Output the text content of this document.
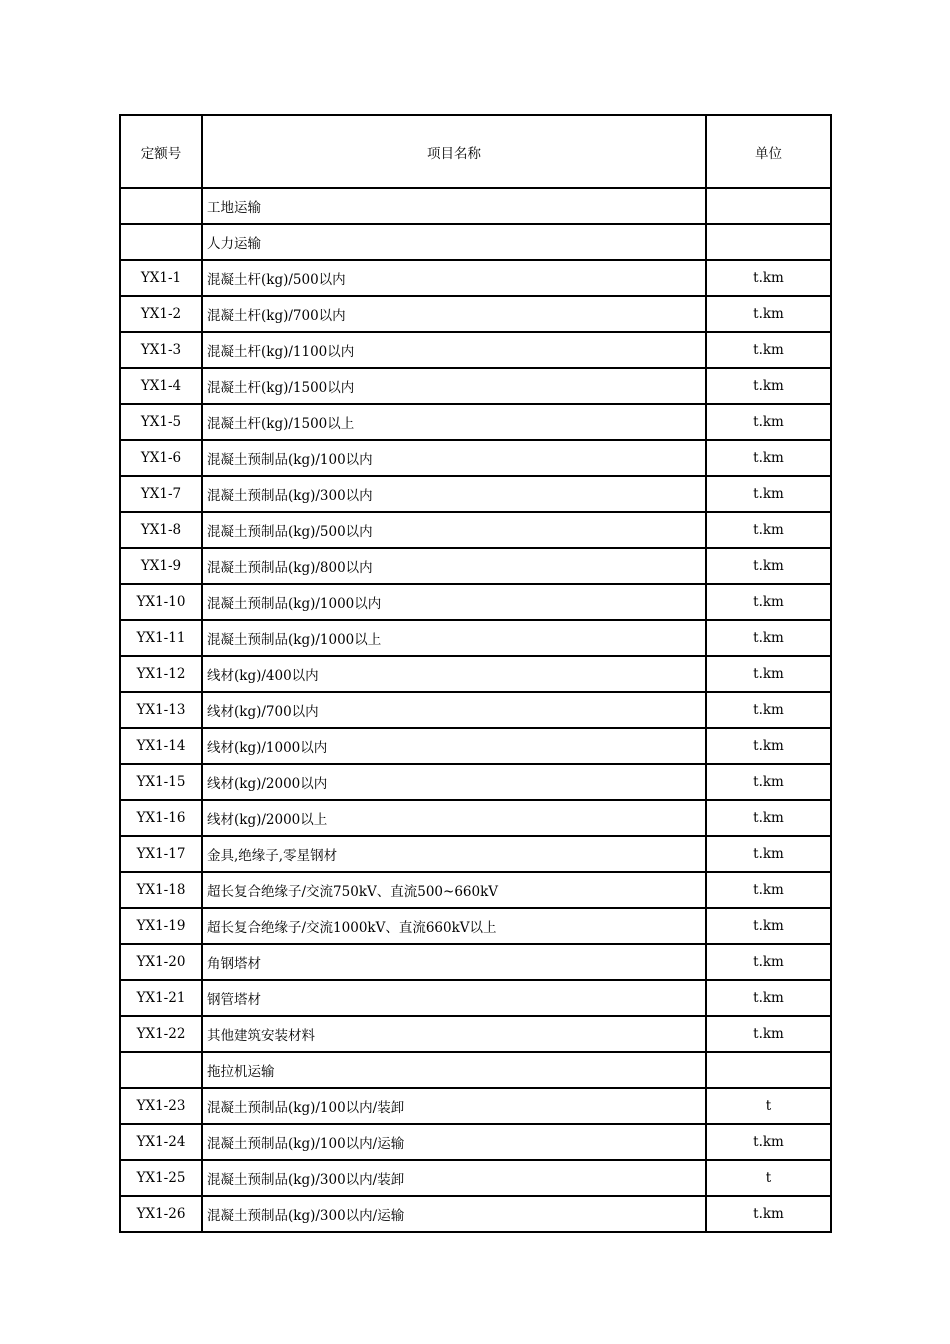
定额号	项目名称	单位
	工地运输	
	人力运输	
YX1-1	混凝土杆(kg)/500以内	t.km
YX1-2	混凝土杆(kg)/700以内	t.km
YX1-3	混凝土杆(kg)/1100以内	t.km
YX1-4	混凝土杆(kg)/1500以内	t.km
YX1-5	混凝土杆(kg)/1500以上	t.km
YX1-6	混凝土预制品(kg)/100以内	t.km
YX1-7	混凝土预制品(kg)/300以内	t.km
YX1-8	混凝土预制品(kg)/500以内	t.km
YX1-9	混凝土预制品(kg)/800以内	t.km
YX1-10	混凝土预制品(kg)/1000以内	t.km
YX1-11	混凝土预制品(kg)/1000以上	t.km
YX1-12	线材(kg)/400以内	t.km
YX1-13	线材(kg)/700以内	t.km
YX1-14	线材(kg)/1000以内	t.km
YX1-15	线材(kg)/2000以内	t.km
YX1-16	线材(kg)/2000以上	t.km
YX1-17	金具,绝缘子,零星钢材	t.km
YX1-18	超长复合绝缘子/交流750kV、直流500~660kV	t.km
YX1-19	超长复合绝缘子/交流1000kV、直流660kV以上	t.km
YX1-20	角钢塔材	t.km
YX1-21	钢管塔材	t.km
YX1-22	其他建筑安装材料	t.km
	拖拉机运输	
YX1-23	混凝土预制品(kg)/100以内/装卸	t
YX1-24	混凝土预制品(kg)/100以内/运输	t.km
YX1-25	混凝土预制品(kg)/300以内/装卸	t
YX1-26	混凝土预制品(kg)/300以内/运输	t.km
